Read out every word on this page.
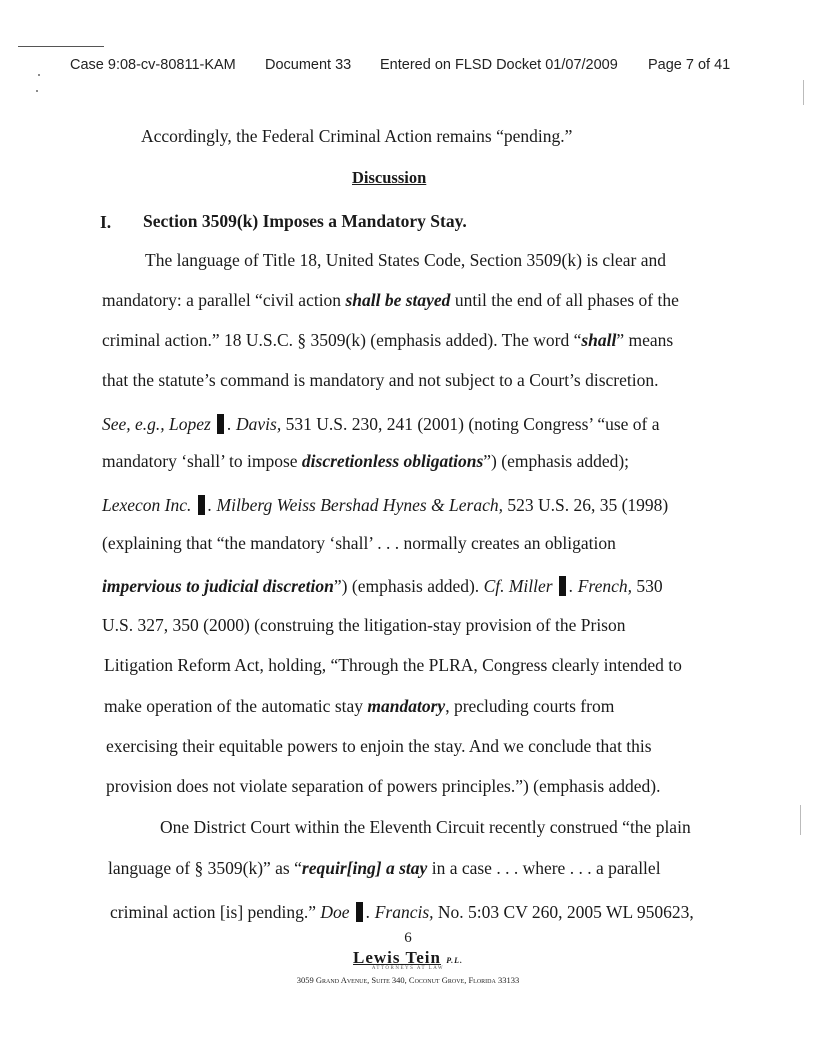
Case 9:08-cv-80811-KAM Document 33 Entered on FLSD Docket 01/07/2009 Page 7 of 41
Accordingly, the Federal Criminal Action remains “pending.”
Discussion
I. Section 3509(k) Imposes a Mandatory Stay.
The language of Title 18, United States Code, Section 3509(k) is clear and
mandatory: a parallel “civil action shall be stayed until the end of all phases of the
criminal action.” 18 U.S.C. § 3509(k) (emphasis added). The word “shall” means
that the statute’s command is mandatory and not subject to a Court’s discretion.
See, e.g., Lopez . Davis, 531 U.S. 230, 241 (2001) (noting Congress’ “use of a
mandatory ‘shall’ to impose discretionless obligations”) (emphasis added);
Lexecon Inc. . Milberg Weiss Bershad Hynes & Lerach, 523 U.S. 26, 35 (1998)
(explaining that “the mandatory ‘shall’ . . . normally creates an obligation
impervious to judicial discretion”) (emphasis added). Cf. Miller . French, 530
U.S. 327, 350 (2000) (construing the litigation-stay provision of the Prison
Litigation Reform Act, holding, “Through the PLRA, Congress clearly intended to
make operation of the automatic stay mandatory, precluding courts from
exercising their equitable powers to enjoin the stay. And we conclude that this
provision does not violate separation of powers principles.”) (emphasis added).
One District Court within the Eleventh Circuit recently construed “the plain
language of § 3509(k)” as “requir[ing] a stay in a case . . . where . . . a parallel
criminal action [is] pending.” Doe . Francis, No. 5:03 CV 260, 2005 WL 950623,
6
Lewis Tein P.L.
ATTORNEYS AT LAW
3059 Grand Avenue, Suite 340, Coconut Grove, Florida 33133
